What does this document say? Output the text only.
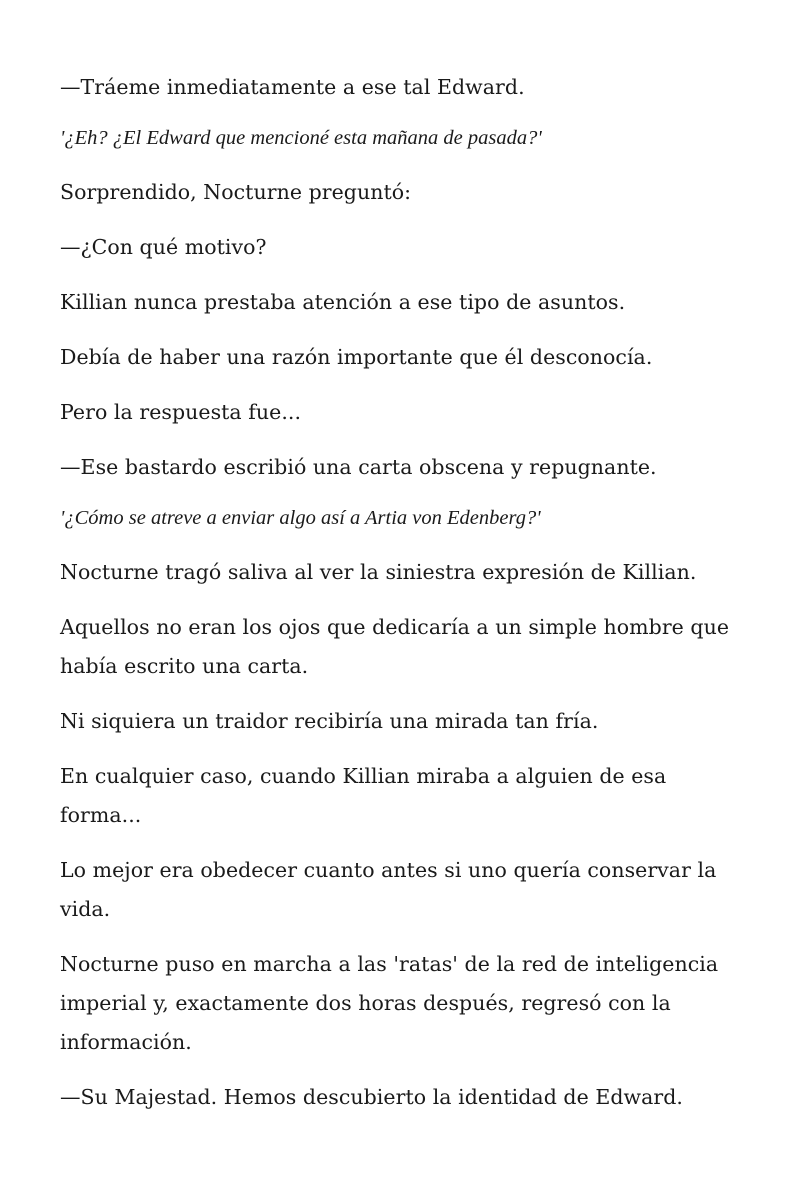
—Tráeme inmediatamente a ese tal Edward.

'¿Eh? ¿El Edward que mencioné esta mañana de pasada?'

Sorprendido, Nocturne preguntó:

—¿Con qué motivo?

Killian nunca prestaba atención a ese tipo de asuntos.

Debía de haber una razón importante que él desconocía.

Pero la respuesta fue...

—Ese bastardo escribió una carta obscena y repugnante.

'¿Cómo se atreve a enviar algo así a Artia von Edenberg?'

Nocturne tragó saliva al ver la siniestra expresión de Killian.

Aquellos no eran los ojos que dedicaría a un simple hombre que había escrito una carta.

Ni siquiera un traidor recibiría una mirada tan fría.

En cualquier caso, cuando Killian miraba a alguien de esa forma...

Lo mejor era obedecer cuanto antes si uno quería conservar la vida.

Nocturne puso en marcha a las 'ratas' de la red de inteligencia imperial y, exactamente dos horas después, regresó con la información.

—Su Majestad. Hemos descubierto la identidad de Edward.
